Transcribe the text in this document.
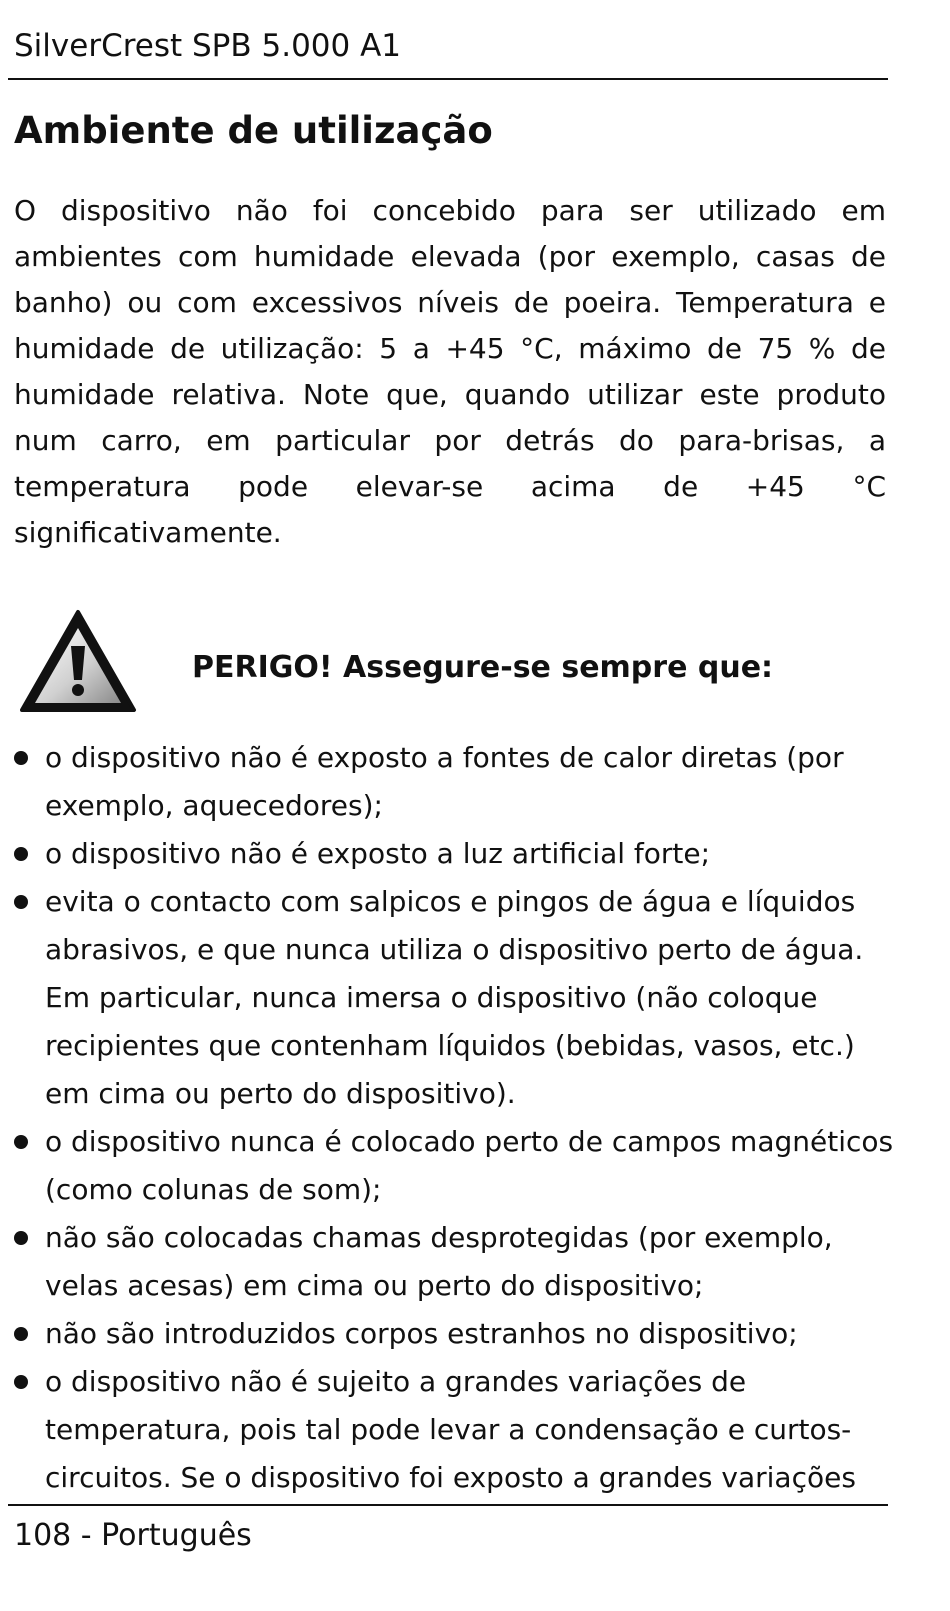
SilverCrest SPB 5.000 A1
Ambiente de utilização

O dispositivo não foi concebido para ser utilizado em ambientes com humidade elevada (por exemplo, casas de banho) ou com excessivos níveis de poeira. Temperatura e humidade de utilização: 5 a +45 °C, máximo de 75 % de humidade relativa. Note que, quando utilizar este produto num carro, em particular por detrás do para-brisas, a temperatura pode elevar-se acima de +45 °C significativamente.

PERIGO! Assegure-se sempre que:
o dispositivo não é exposto a fontes de calor diretas (por exemplo, aquecedores);
o dispositivo não é exposto a luz artificial forte;
evita o contacto com salpicos e pingos de água e líquidos abrasivos, e que nunca utiliza o dispositivo perto de água. Em particular, nunca imersa o dispositivo (não coloque recipientes que contenham líquidos (bebidas, vasos, etc.) em cima ou perto do dispositivo).
o dispositivo nunca é colocado perto de campos magnéticos (como colunas de som);
não são colocadas chamas desprotegidas (por exemplo, velas acesas) em cima ou perto do dispositivo;
não são introduzidos corpos estranhos no dispositivo;
o dispositivo não é sujeito a grandes variações de temperatura, pois tal pode levar a condensação e curtos-circuitos. Se o dispositivo foi exposto a grandes variações
108 - Português
